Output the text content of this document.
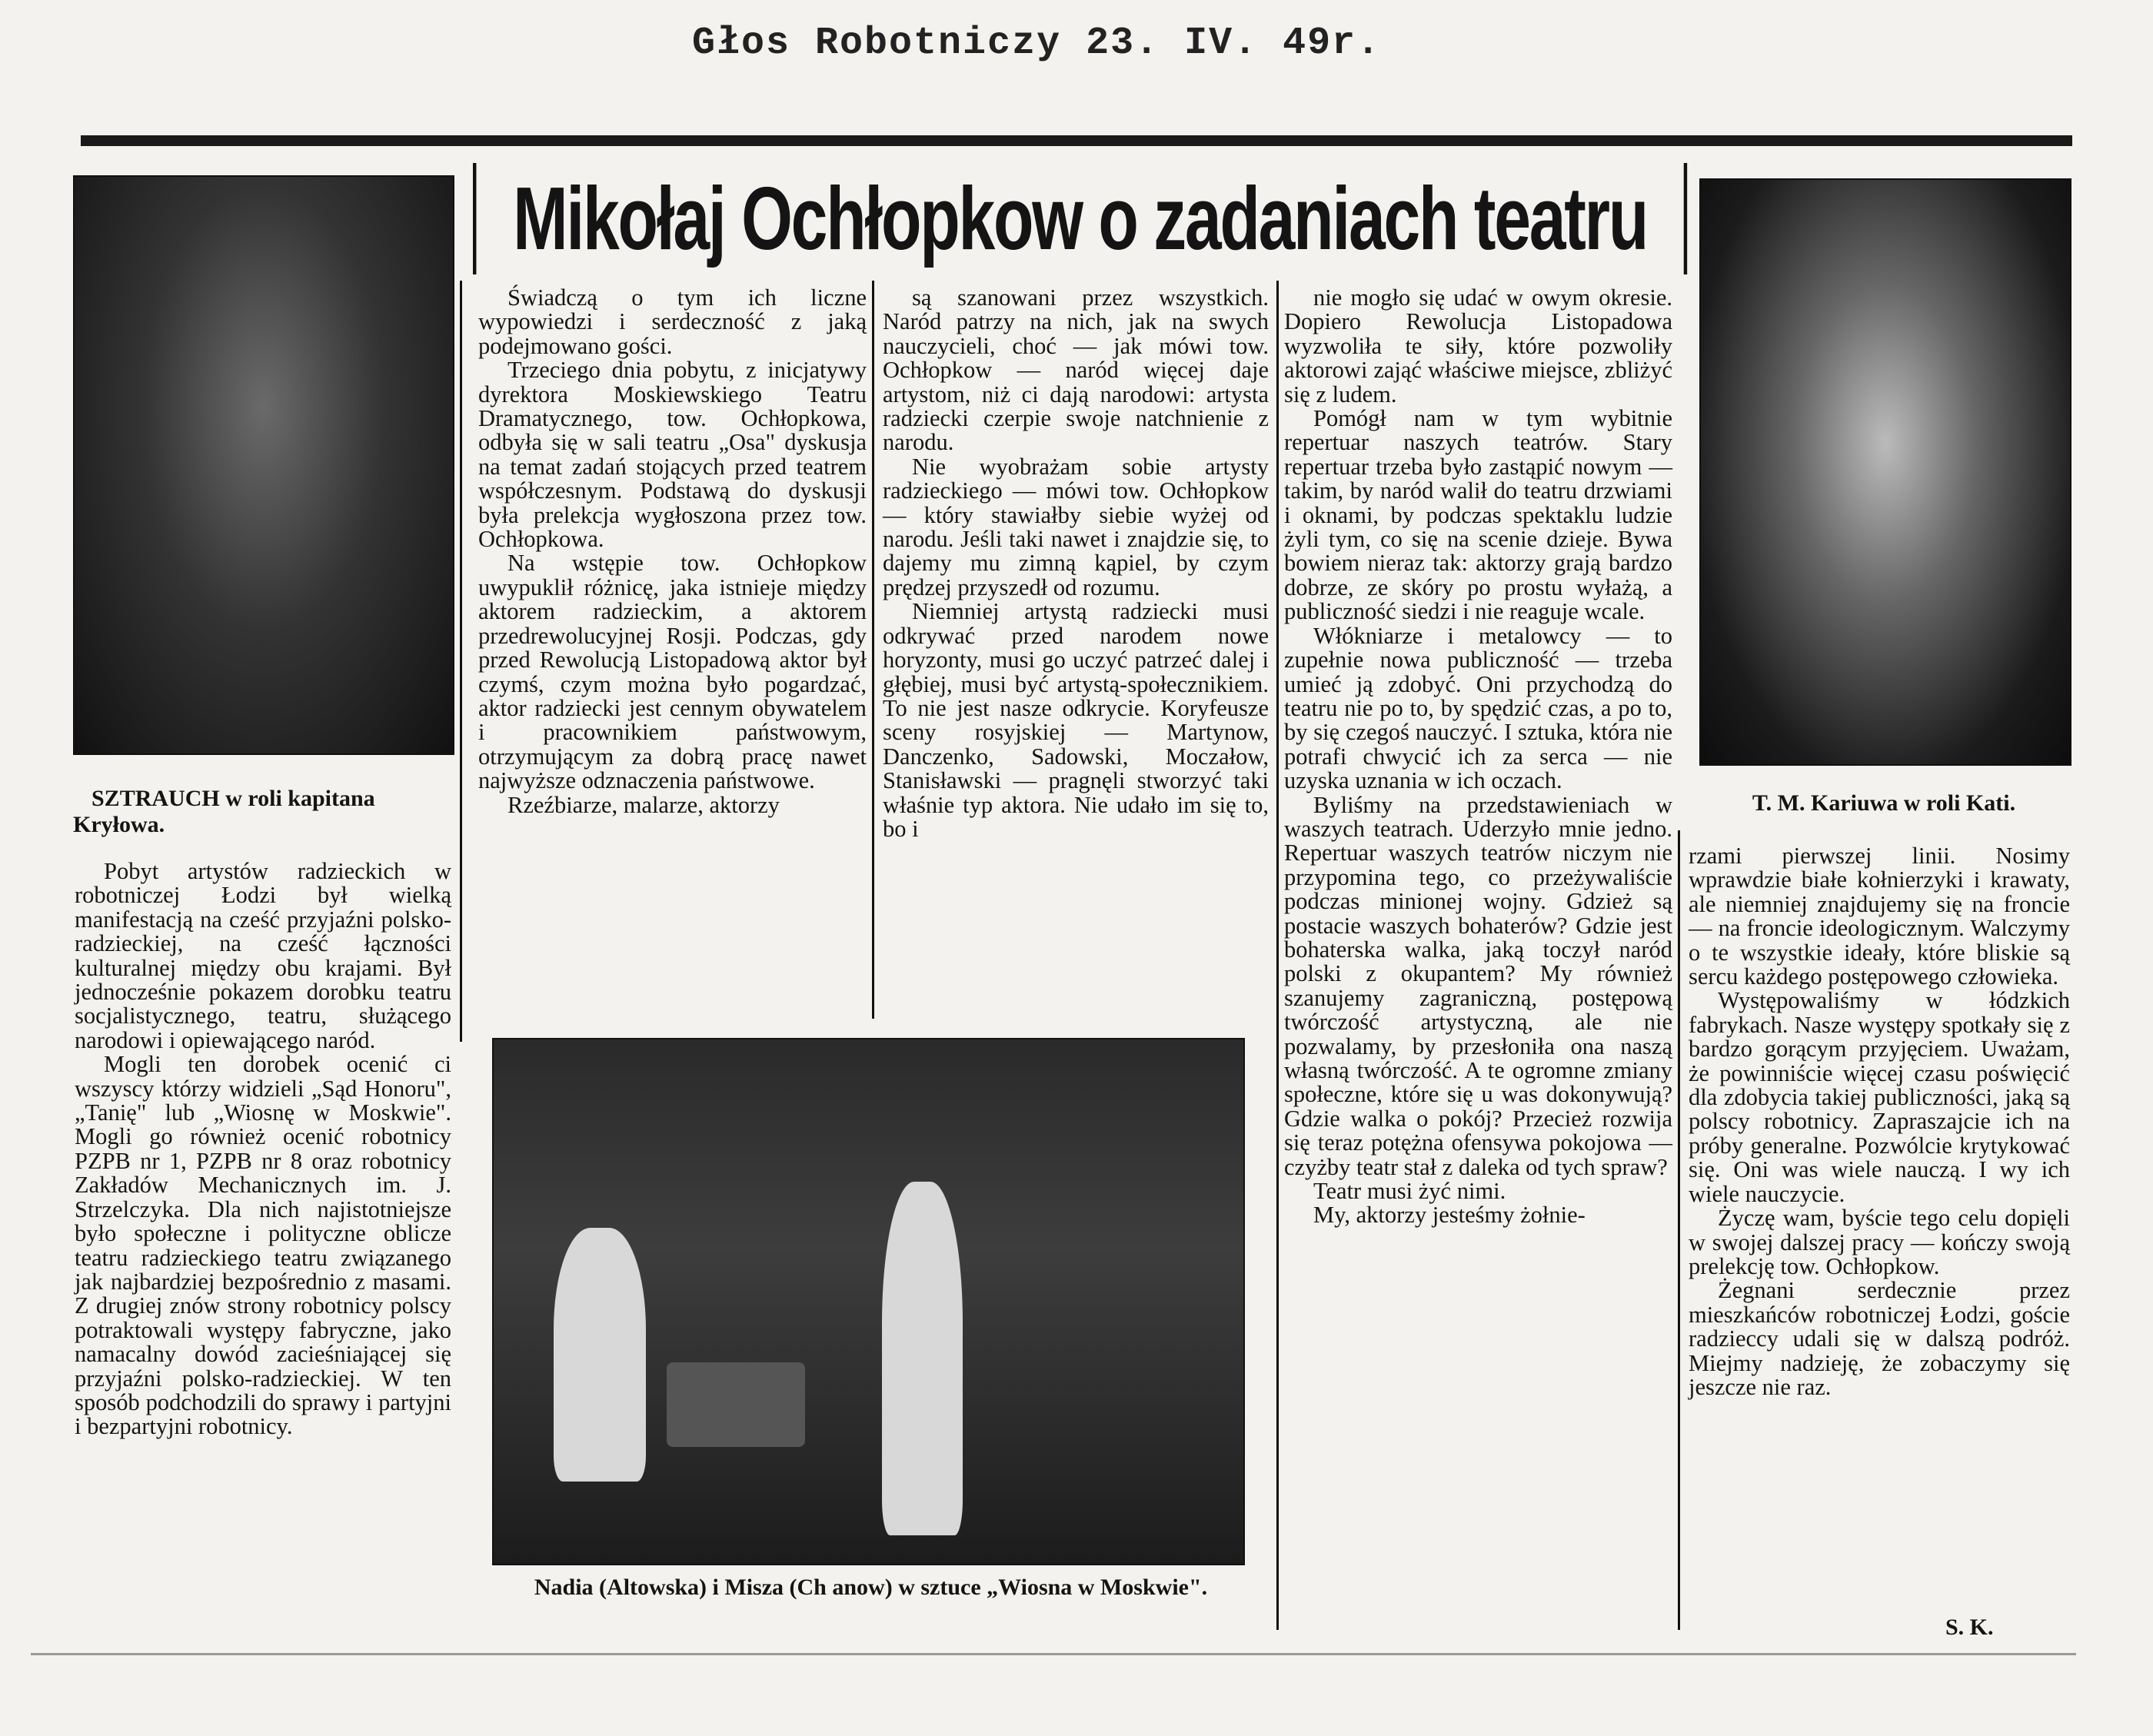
Głos Robotniczy 23. IV. 49r.
SZTRAUCH w roli kapitana Kryłowa.
Mikołaj Ochłopkow o zadaniach teatru
T. M. Kariuwa w roli Kati.

Pobyt artystów radzieckich w robotniczej Łodzi był wielką manifestacją na cześć przyjaźni polsko-radzieckiej, na cześć łączności kulturalnej między obu krajami. Był jednocześnie pokazem dorobku teatru socjalistycznego, teatru, służącego narodowi i opiewającego naród.

Mogli ten dorobek ocenić ci wszyscy którzy widzieli „Sąd Honoru", „Tanię" lub „Wiosnę w Moskwie". Mogli go również ocenić robotnicy PZPB nr 1, PZPB nr 8 oraz robotnicy Zakładów Mechanicznych im. J. Strzelczyka. Dla nich najistotniejsze było społeczne i polityczne oblicze teatru radzieckiego teatru związanego jak najbardziej bezpośrednio z masami. Z drugiej znów strony robotnicy polscy potraktowali występy fabryczne, jako namacalny dowód zacieśniającej się przyjaźni polsko-radzieckiej. W ten sposób podchodzili do sprawy i partyjni i bezpartyjni robotnicy.

Świadczą o tym ich liczne wypowiedzi i serdeczność z jaką podejmowano gości.

Trzeciego dnia pobytu, z inicjatywy dyrektora Moskiewskiego Teatru Dramatycznego, tow. Ochłopkowa, odbyła się w sali teatru „Osa" dyskusja na temat zadań stojących przed teatrem współczesnym. Podstawą do dyskusji była prelekcja wygłoszona przez tow. Ochłopkowa.

Na wstępie tow. Ochłopkow uwypuklił różnicę, jaka istnieje między aktorem radzieckim, a aktorem przedrewolucyjnej Rosji. Podczas, gdy przed Rewolucją Listopadową aktor był czymś, czym można było pogardzać, aktor radziecki jest cennym obywatelem i pracownikiem państwowym, otrzymującym za dobrą pracę nawet najwyższe odznaczenia państwowe.

Rzeźbiarze, malarze, aktorzy

są szanowani przez wszystkich. Naród patrzy na nich, jak na swych nauczycieli, choć — jak mówi tow. Ochłopkow — naród więcej daje artystom, niż ci dają narodowi: artysta radziecki czerpie swoje natchnienie z narodu.

Nie wyobrażam sobie artysty radzieckiego — mówi tow. Ochłopkow — który stawiałby siebie wyżej od narodu. Jeśli taki nawet i znajdzie się, to dajemy mu zimną kąpiel, by czym prędzej przyszedł od rozumu.

Niemniej artystą radziecki musi odkrywać przed narodem nowe horyzonty, musi go uczyć patrzeć dalej i głębiej, musi być artystą-społecznikiem. To nie jest nasze odkrycie. Koryfeusze sceny rosyjskiej — Martynow, Danczenko, Sadowski, Moczałow, Stanisławski — pragnęli stworzyć taki właśnie typ aktora. Nie udało im się to, bo i

nie mogło się udać w owym okresie. Dopiero Rewolucja Listopadowa wyzwoliła te siły, które pozwoliły aktorowi zająć właściwe miejsce, zbliżyć się z ludem.

Pomógł nam w tym wybitnie repertuar naszych teatrów. Stary repertuar trzeba było zastąpić nowym — takim, by naród walił do teatru drzwiami i oknami, by podczas spektaklu ludzie żyli tym, co się na scenie dzieje. Bywa bowiem nieraz tak: aktorzy grają bardzo dobrze, ze skóry po prostu wyłażą, a publiczność siedzi i nie reaguje wcale.

Włókniarze i metalowcy — to zupełnie nowa publiczność — trzeba umieć ją zdobyć. Oni przychodzą do teatru nie po to, by spędzić czas, a po to, by się czegoś nauczyć. I sztuka, która nie potrafi chwycić ich za serca — nie uzyska uznania w ich oczach.

Byliśmy na przedstawieniach w waszych teatrach. Uderzyło mnie jedno. Repertuar waszych teatrów niczym nie przypomina tego, co przeżywaliście podczas minionej wojny. Gdzież są postacie waszych bohaterów? Gdzie jest bohaterska walka, jaką toczył naród polski z okupantem? My również szanujemy zagraniczną, postępową twórczość artystyczną, ale nie pozwalamy, by przesłoniła ona naszą własną twórczość. A te ogromne zmiany społeczne, które się u was dokonywują? Gdzie walka o pokój? Przecież rozwija się teraz potężna ofensywa pokojowa — czyżby teatr stał z daleka od tych spraw?

Teatr musi żyć nimi.

My, aktorzy jesteśmy żołnie-

rzami pierwszej linii. Nosimy wprawdzie białe kołnierzyki i krawaty, ale niemniej znajdujemy się na froncie — na froncie ideologicznym. Walczymy o te wszystkie ideały, które bliskie są sercu każdego postępowego człowieka.

Występowaliśmy w łódzkich fabrykach. Nasze występy spotkały się z bardzo gorącym przyjęciem. Uważam, że powinniście więcej czasu poświęcić dla zdobycia takiej publiczności, jaką są polscy robotnicy. Zapraszajcie ich na próby generalne. Pozwólcie krytykować się. Oni was wiele nauczą. I wy ich wiele nauczycie.

Życzę wam, byście tego celu dopięli w swojej dalszej pracy — kończy swoją prelekcję tow. Ochłopkow.

Żegnani serdecznie przez mieszkańców robotniczej Łodzi, goście radzieccy udali się w dalszą podróż. Miejmy nadzieję, że zobaczymy się jeszcze nie raz.

S. K.
Nadia (Altowska) i Misza (Ch anow) w sztuce „Wiosna w Moskwie".
